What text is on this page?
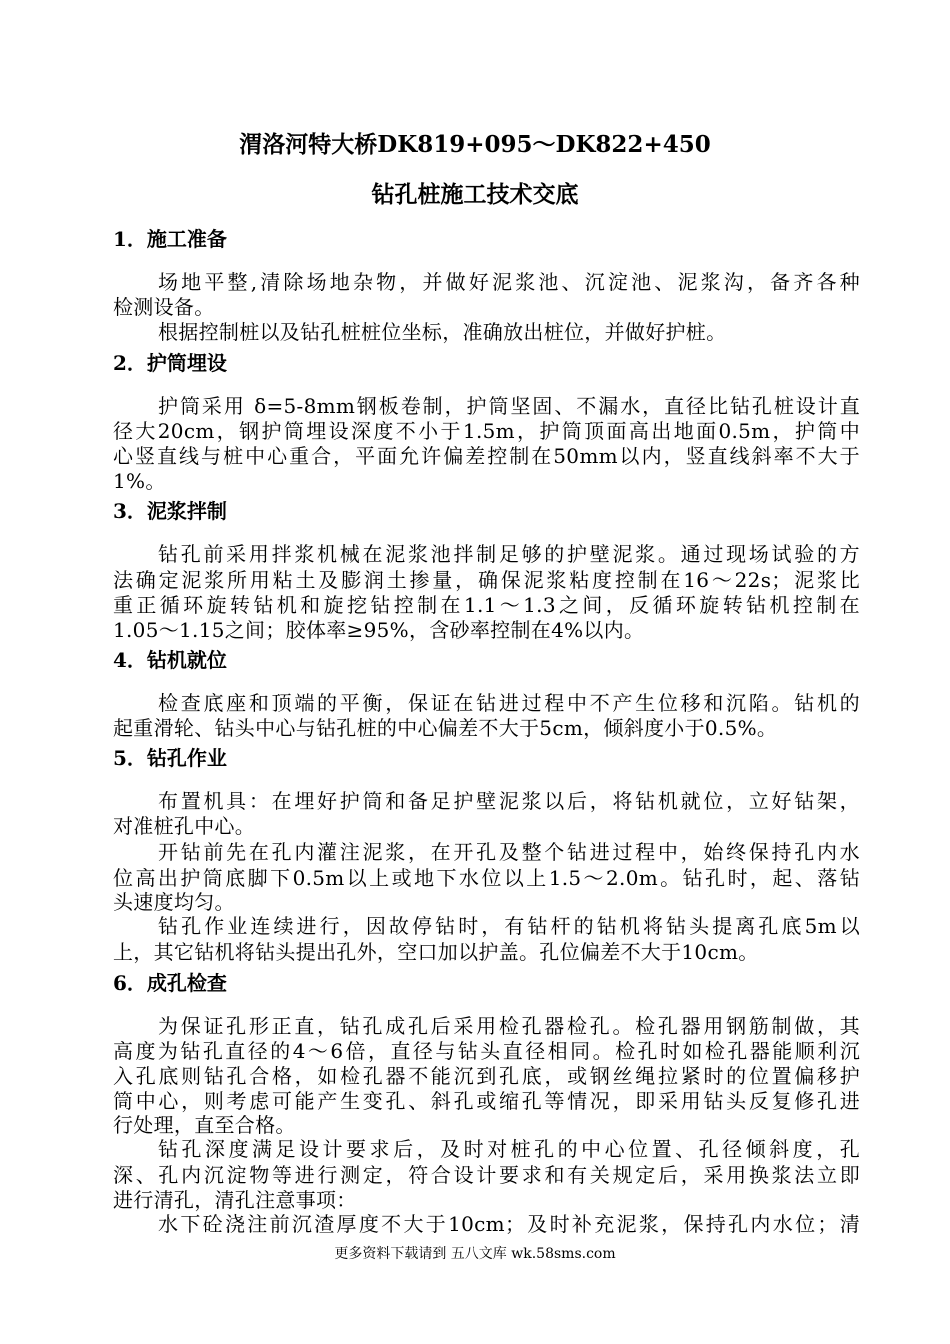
渭洛河特大桥DK819+095～DK822+450
钻孔桩施工技术交底
1．施工准备
场地平整,清除场地杂物，并做好泥浆池、沉淀池、泥浆沟，备齐各种
检测设备。
根据控制桩以及钻孔桩桩位坐标，准确放出桩位，并做好护桩。
2．护筒埋设
护筒采用 δ=5-8mm钢板卷制，护筒坚固、不漏水，直径比钻孔桩设计直
径大20cm，钢护筒埋设深度不小于1.5m，护筒顶面高出地面0.5m，护筒中
心竖直线与桩中心重合，平面允许偏差控制在50mm以内，竖直线斜率不大于
1%。
3．泥浆拌制
钻孔前采用拌浆机械在泥浆池拌制足够的护壁泥浆。通过现场试验的方
法确定泥浆所用粘土及膨润土掺量，确保泥浆粘度控制在16～22s；泥浆比
重正循环旋转钻机和旋挖钻控制在1.1～1.3之间，反循环旋转钻机控制在
1.05～1.15之间；胶体率≥95%，含砂率控制在4%以内。
4．钻机就位
检查底座和顶端的平衡，保证在钻进过程中不产生位移和沉陷。钻机的
起重滑轮、钻头中心与钻孔桩的中心偏差不大于5cm，倾斜度小于0.5%。
5．钻孔作业
布置机具：在埋好护筒和备足护壁泥浆以后，将钻机就位，立好钻架，
对准桩孔中心。
开钻前先在孔内灌注泥浆，在开孔及整个钻进过程中，始终保持孔内水
位高出护筒底脚下0.5m以上或地下水位以上1.5～2.0m。钻孔时，起、落钻
头速度均匀。
钻孔作业连续进行，因故停钻时，有钻杆的钻机将钻头提离孔底5m以
上，其它钻机将钻头提出孔外，空口加以护盖。孔位偏差不大于10cm。
6．成孔检查
为保证孔形正直，钻孔成孔后采用检孔器检孔。检孔器用钢筋制做，其
高度为钻孔直径的4～6倍，直径与钻头直径相同。检孔时如检孔器能顺利沉
入孔底则钻孔合格，如检孔器不能沉到孔底，或钢丝绳拉紧时的位置偏移护
筒中心，则考虑可能产生变孔、斜孔或缩孔等情况，即采用钻头反复修孔进
行处理，直至合格。
钻孔深度满足设计要求后，及时对桩孔的中心位置、孔径倾斜度，孔
深、孔内沉淀物等进行测定，符合设计要求和有关规定后，采用换浆法立即
进行清孔，清孔注意事项：
水下砼浇注前沉渣厚度不大于10cm；及时补充泥浆，保持孔内水位；清
更多资料下载请到 五八文库 wk.58sms.com
